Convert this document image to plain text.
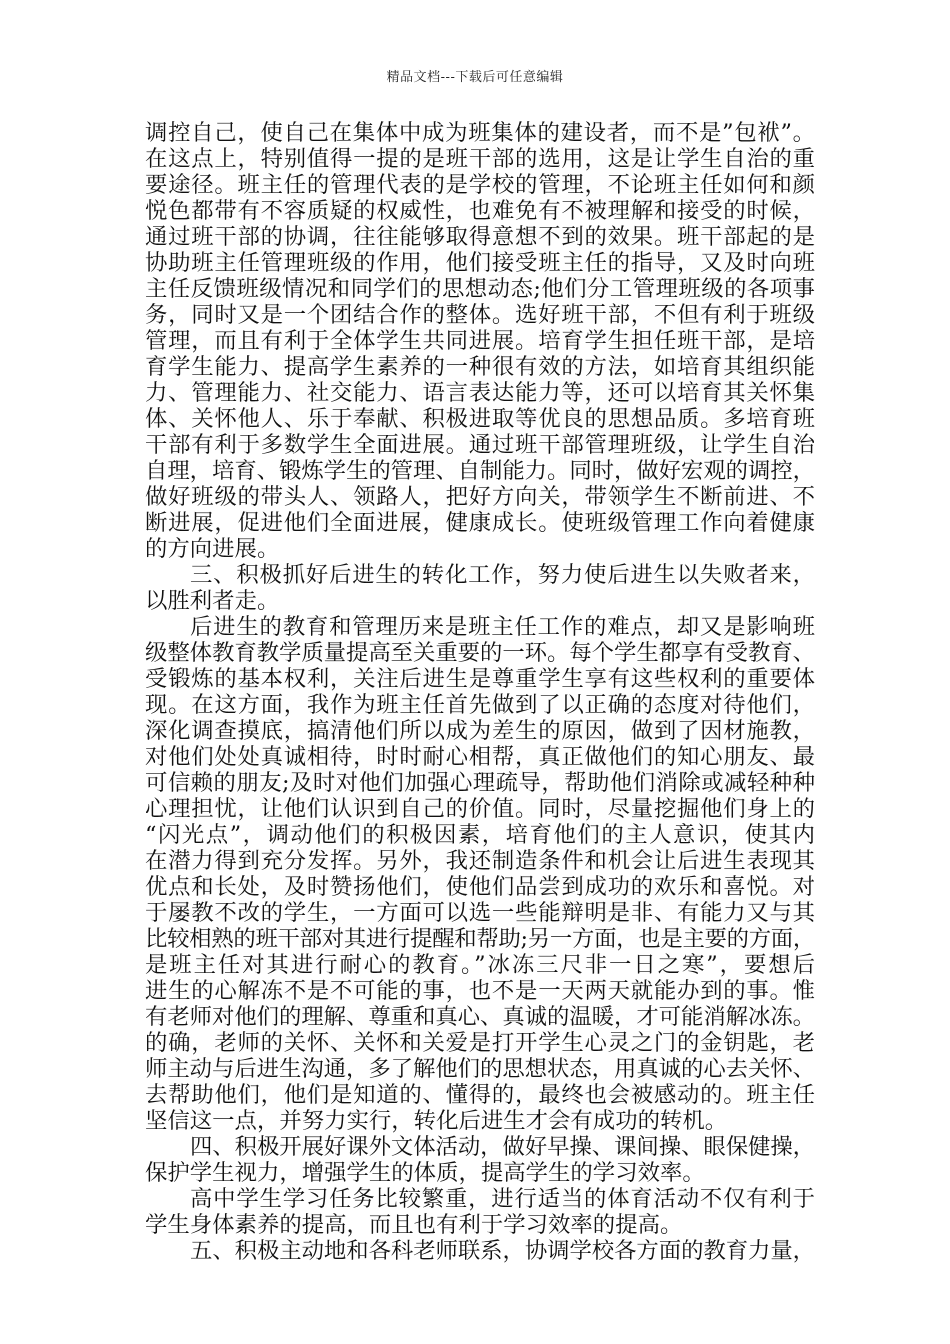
精品文档---下载后可任意编辑
调控自己，使自己在集体中成为班集体的建设者，而不是”包袱”。
在这点上，特别值得一提的是班干部的选用，这是让学生自治的重
要途径。班主任的管理代表的是学校的管理，不论班主任如何和颜
悦色都带有不容质疑的权威性，也难免有不被理解和接受的时候，
通过班干部的协调，往往能够取得意想不到的效果。班干部起的是
协助班主任管理班级的作用，他们接受班主任的指导，又及时向班
主任反馈班级情况和同学们的思想动态;他们分工管理班级的各项事
务，同时又是一个团结合作的整体。选好班干部，不但有利于班级
管理，而且有利于全体学生共同进展。培育学生担任班干部，是培
育学生能力、提高学生素养的一种很有效的方法，如培育其组织能
力、管理能力、社交能力、语言表达能力等，还可以培育其关怀集
体、关怀他人、乐于奉献、积极进取等优良的思想品质。多培育班
干部有利于多数学生全面进展。通过班干部管理班级，让学生自治
自理，培育、锻炼学生的管理、自制能力。同时，做好宏观的调控，
做好班级的带头人、领路人，把好方向关，带领学生不断前进、不
断进展，促进他们全面进展，健康成长。使班级管理工作向着健康
的方向进展。
三、积极抓好后进生的转化工作，努力使后进生以失败者来，
以胜利者走。
后进生的教育和管理历来是班主任工作的难点，却又是影响班
级整体教育教学质量提高至关重要的一环。每个学生都享有受教育、
受锻炼的基本权利，关注后进生是尊重学生享有这些权利的重要体
现。在这方面，我作为班主任首先做到了以正确的态度对待他们，
深化调查摸底，搞清他们所以成为差生的原因，做到了因材施教，
对他们处处真诚相待，时时耐心相帮，真正做他们的知心朋友、最
可信赖的朋友;及时对他们加强心理疏导，帮助他们消除或减轻种种
心理担忧，让他们认识到自己的价值。同时，尽量挖掘他们身上的
“闪光点”，调动他们的积极因素，培育他们的主人意识，使其内
在潜力得到充分发挥。另外，我还制造条件和机会让后进生表现其
优点和长处，及时赞扬他们，使他们品尝到成功的欢乐和喜悦。对
于屡教不改的学生，一方面可以选一些能辩明是非、有能力又与其
比较相熟的班干部对其进行提醒和帮助;另一方面，也是主要的方面，
是班主任对其进行耐心的教育。”冰冻三尺非一日之寒”，要想后
进生的心解冻不是不可能的事，也不是一天两天就能办到的事。惟
有老师对他们的理解、尊重和真心、真诚的温暖，才可能消解冰冻。
的确，老师的关怀、关怀和关爱是打开学生心灵之门的金钥匙，老
师主动与后进生沟通，多了解他们的思想状态，用真诚的心去关怀、
去帮助他们，他们是知道的、懂得的，最终也会被感动的。班主任
坚信这一点，并努力实行，转化后进生才会有成功的转机。
四、积极开展好课外文体活动，做好早操、课间操、眼保健操，
保护学生视力，增强学生的体质，提高学生的学习效率。
高中学生学习任务比较繁重，进行适当的体育活动不仅有利于
学生身体素养的提高，而且也有利于学习效率的提高。
五、积极主动地和各科老师联系，协调学校各方面的教育力量，
